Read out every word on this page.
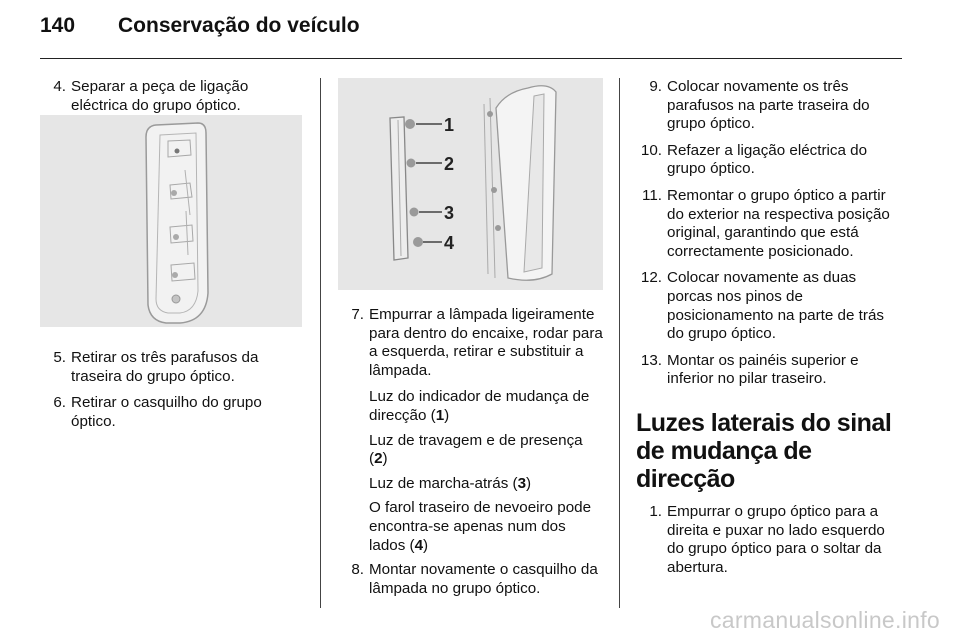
140	Conservação do veículo
4. Separar a peça de ligação eléctrica do grupo óptico.
5. Retirar os três parafusos da traseira do grupo óptico.
6. Retirar o casquilho do grupo óptico.
1
2
3
4
7. Empurrar a lâmpada ligeiramente para dentro do encaixe, rodar para a esquerda, retirar e substituir a lâmpada.
Luz do indicador de mudança de direcção (1)
Luz de travagem e de presença (2)
Luz de marcha-atrás (3)
O farol traseiro de nevoeiro pode encontra-se apenas num dos lados (4)
8. Montar novamente o casquilho da lâmpada no grupo óptico.
9. Colocar novamente os três parafusos na parte traseira do grupo óptico.
10. Refazer a ligação eléctrica do grupo óptico.
11. Remontar o grupo óptico a partir do exterior na respectiva posição original, garantindo que está correctamente posicionado.
12. Colocar novamente as duas porcas nos pinos de posicionamento na parte de trás do grupo óptico.
13. Montar os painéis superior e inferior no pilar traseiro.
Luzes laterais do sinal de mudança de direcção
1. Empurrar o grupo óptico para a direita e puxar no lado esquerdo do grupo óptico para o soltar da abertura.
carmanualsonline.info
